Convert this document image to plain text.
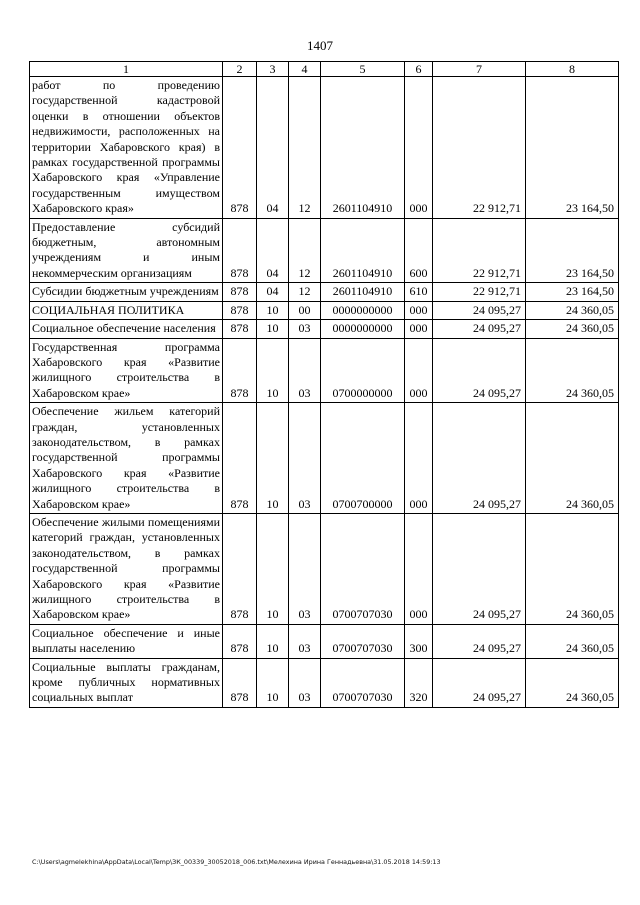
1407
1	2	3	4	5	6	7	8
работ по проведению государственной кадастровой оценки в отношении объектов недвижимости, расположенных на территории Хабаровского края) в рамках государственной программы Хабаровского края «Управление государственным имуществом Хабаровского края»	878	04	12	2601104910	000	22 912,71	23 164,50
Предоставление субсидий бюджетным, автономным учреждениям и иным некоммерческим организациям	878	04	12	2601104910	600	22 912,71	23 164,50
Субсидии бюджетным учреждениям	878	04	12	2601104910	610	22 912,71	23 164,50
СОЦИАЛЬНАЯ ПОЛИТИКА	878	10	00	0000000000	000	24 095,27	24 360,05
Социальное обеспечение населения	878	10	03	0000000000	000	24 095,27	24 360,05
Государственная программа Хабаровского края «Развитие жилищного строительства в Хабаровском крае»	878	10	03	0700000000	000	24 095,27	24 360,05
Обеспечение жильем категорий граждан, установленных законодательством, в рамках государственной программы Хабаровского края «Развитие жилищного строительства в Хабаровском крае»	878	10	03	0700700000	000	24 095,27	24 360,05
Обеспечение жилыми помещениями категорий граждан, установленных законодательством, в рамках государственной программы Хабаровского края «Развитие жилищного строительства в Хабаровском крае»	878	10	03	0700707030	000	24 095,27	24 360,05
Социальное обеспечение и иные выплаты населению	878	10	03	0700707030	300	24 095,27	24 360,05
Социальные выплаты гражданам, кроме публичных нормативных социальных выплат	878	10	03	0700707030	320	24 095,27	24 360,05
C:\Users\agmelekhina\AppData\Local\Temp\ЗК_00339_30052018_006.txt\Мелехина Ирина Геннадьевна\31.05.2018 14:59:13
